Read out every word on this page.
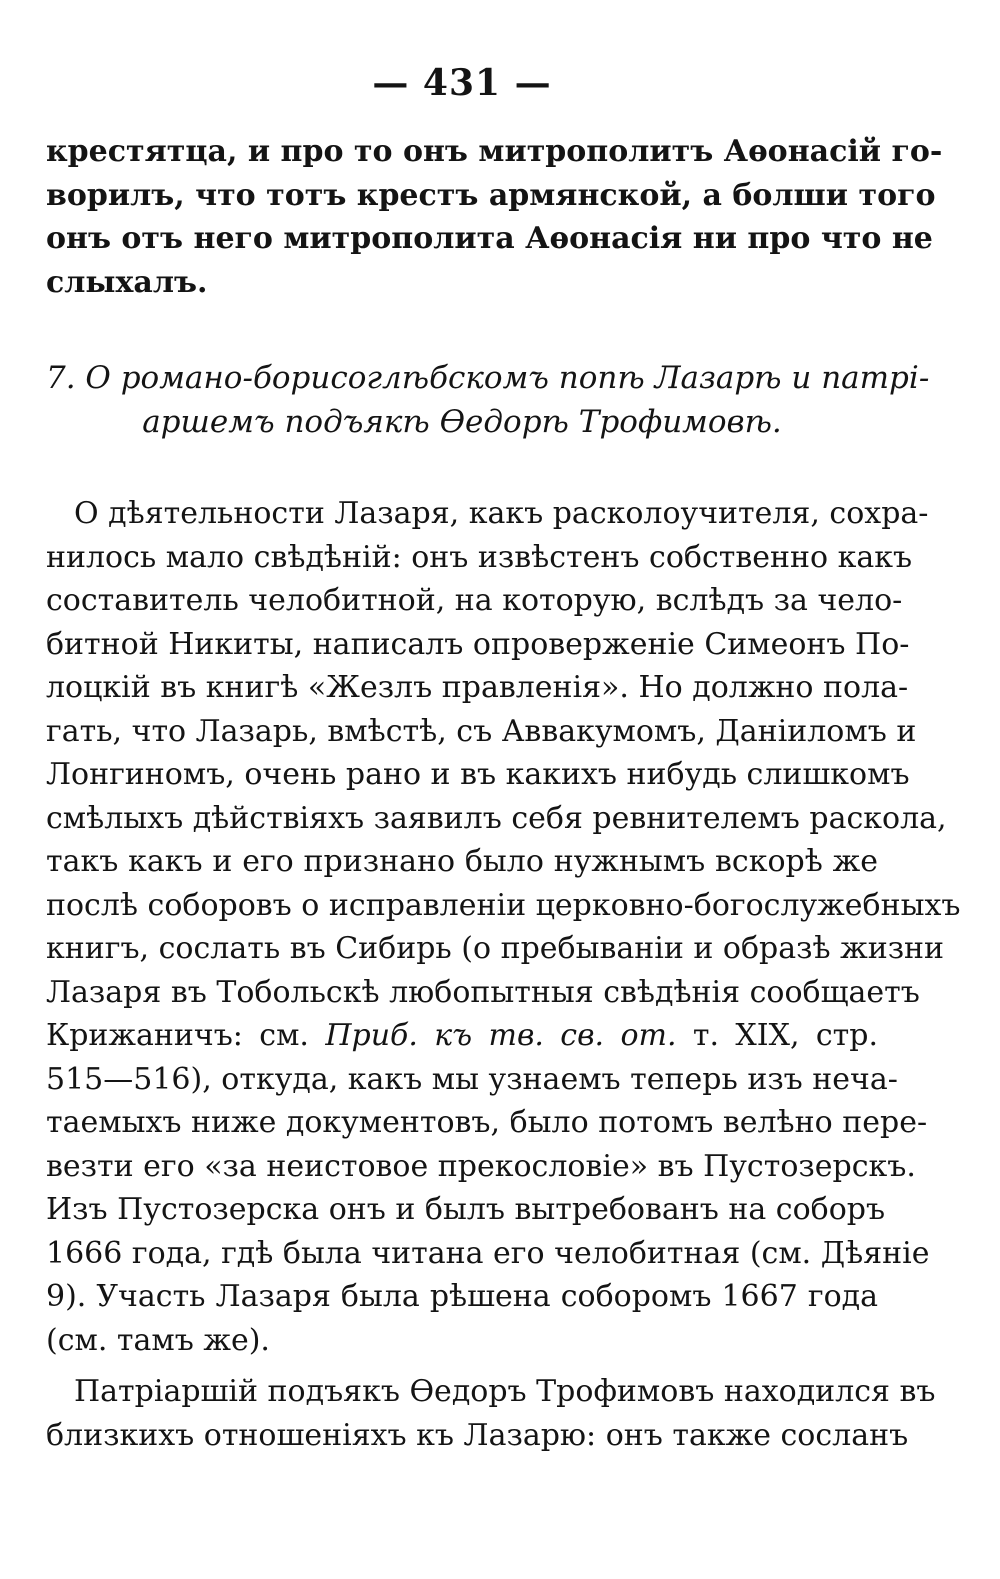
— 431 —
крестятца, и про то онъ митрополитъ Аѳонасій го-
ворилъ, что тотъ крестъ армянской, а болши того
онъ отъ него митрополита Аѳонасія ни про что не
слыхалъ.
7. О романо-борисоглѣбскомъ попѣ Лазарѣ и патрі-
аршемъ подъякѣ Ѳедорѣ Трофимовѣ.
О дѣятельности Лазаря, какъ расколоучителя, сохра-
нилось мало свѣдѣній: онъ извѣстенъ собственно какъ
составитель челобитной, на которую, вслѣдъ за чело-
битной Никиты, написалъ опроверженіе Симеонъ По-
лоцкій въ книгѣ «Жезлъ правленія». Но должно пола-
гать, что Лазарь, вмѣстѣ, съ Аввакумомъ, Даніиломъ и
Лонгиномъ, очень рано и въ какихъ нибудь слишкомъ
смѣлыхъ дѣйствіяхъ заявилъ себя ревнителемъ раскола,
такъ какъ и его признано было нужнымъ вскорѣ же
послѣ соборовъ о исправленіи церковно-богослужебныхъ
книгъ, сослать въ Сибирь (о пребываніи и образѣ жизни
Лазаря въ Тобольскѣ любопытныя свѣдѣнія сообщаетъ
Крижаничъ: см. Приб. къ тв. св. от. т. XIX, стр.
515—516), откуда, какъ мы узнаемъ теперь изъ неча-
таемыхъ ниже документовъ, было потомъ велѣно пере-
везти его «за неистовое прекословіе» въ Пустозерскъ.
Изъ Пустозерска онъ и былъ вытребованъ на соборъ
1666 года, гдѣ была читана его челобитная (см. Дѣяніе
9). Участь Лазаря была рѣшена соборомъ 1667 года
(см. тамъ же).
Патріаршій подъякъ Ѳедоръ Трофимовъ находился въ
близкихъ отношеніяхъ къ Лазарю: онъ также сосланъ
